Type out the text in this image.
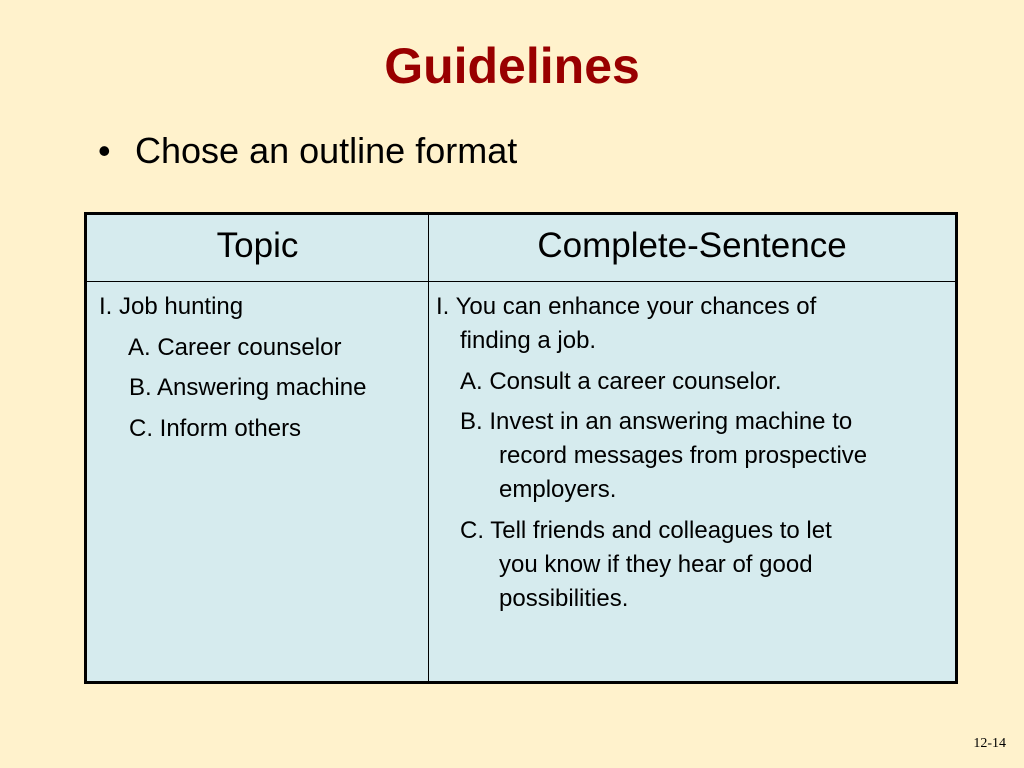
Guidelines
• Chose an outline format
Topic	Complete-Sentence
I. Job hunting
A. Career counselor
B. Answering machine
C. Inform others
I. You can enhance your chances of
finding a job.
A. Consult a career counselor.
B. Invest in an answering machine to
record messages from prospective
employers.
C. Tell friends and colleagues to let
you know if they hear of good
possibilities.
12-14
